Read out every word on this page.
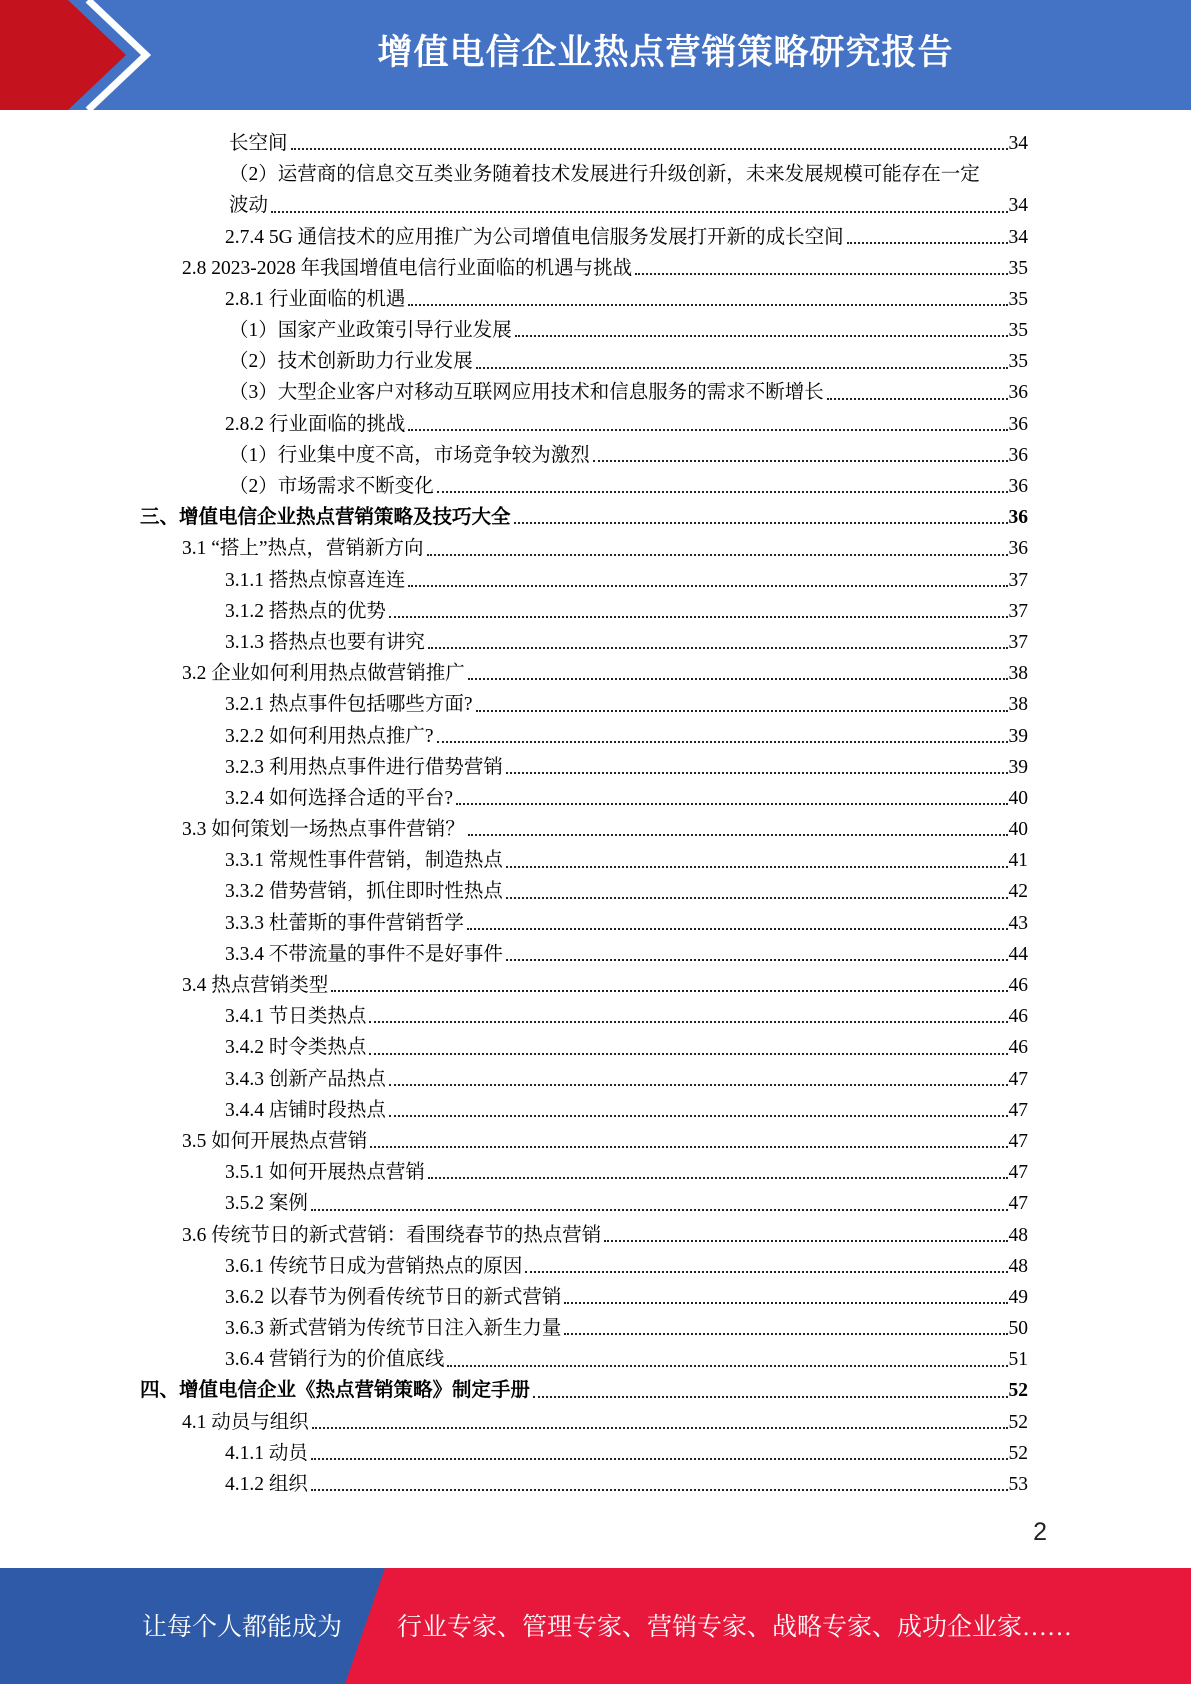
增值电信企业热点营销策略研究报告
长空间	34
（2）运营商的信息交互类业务随着技术发展进行升级创新，未来发展规模可能存在一定
波动	34
2.7.4 5G 通信技术的应用推广为公司增值电信服务发展打开新的成长空间	34
2.8 2023-2028 年我国增值电信行业面临的机遇与挑战	35
2.8.1 行业面临的机遇	35
（1）国家产业政策引导行业发展	35
（2）技术创新助力行业发展	35
（3）大型企业客户对移动互联网应用技术和信息服务的需求不断增长	36
2.8.2 行业面临的挑战	36
（1）行业集中度不高，市场竞争较为激烈	36
（2）市场需求不断变化	36
三、增值电信企业热点营销策略及技巧大全	36
3.1 “搭上”热点，营销新方向	36
3.1.1 搭热点惊喜连连	37
3.1.2 搭热点的优势	37
3.1.3 搭热点也要有讲究	37
3.2 企业如何利用热点做营销推广	38
3.2.1 热点事件包括哪些方面?	38
3.2.2 如何利用热点推广?	39
3.2.3 利用热点事件进行借势营销	39
3.2.4 如何选择合适的平台?	40
3.3 如何策划一场热点事件营销？	40
3.3.1 常规性事件营销，制造热点	41
3.3.2 借势营销，抓住即时性热点	42
3.3.3 杜蕾斯的事件营销哲学	43
3.3.4 不带流量的事件不是好事件	44
3.4 热点营销类型	46
3.4.1 节日类热点	46
3.4.2 时令类热点	46
3.4.3 创新产品热点	47
3.4.4 店铺时段热点	47
3.5 如何开展热点营销	47
3.5.1 如何开展热点营销	47
3.5.2 案例	47
3.6 传统节日的新式营销：看围绕春节的热点营销	48
3.6.1 传统节日成为营销热点的原因	48
3.6.2 以春节为例看传统节日的新式营销	49
3.6.3 新式营销为传统节日注入新生力量	50
3.6.4 营销行为的价值底线	51
四、增值电信企业《热点营销策略》制定手册	52
4.1 动员与组织	52
4.1.1 动员	52
4.1.2 组织	53
2
让每个人都能成为 行业专家、管理专家、营销专家、战略专家、成功企业家……
